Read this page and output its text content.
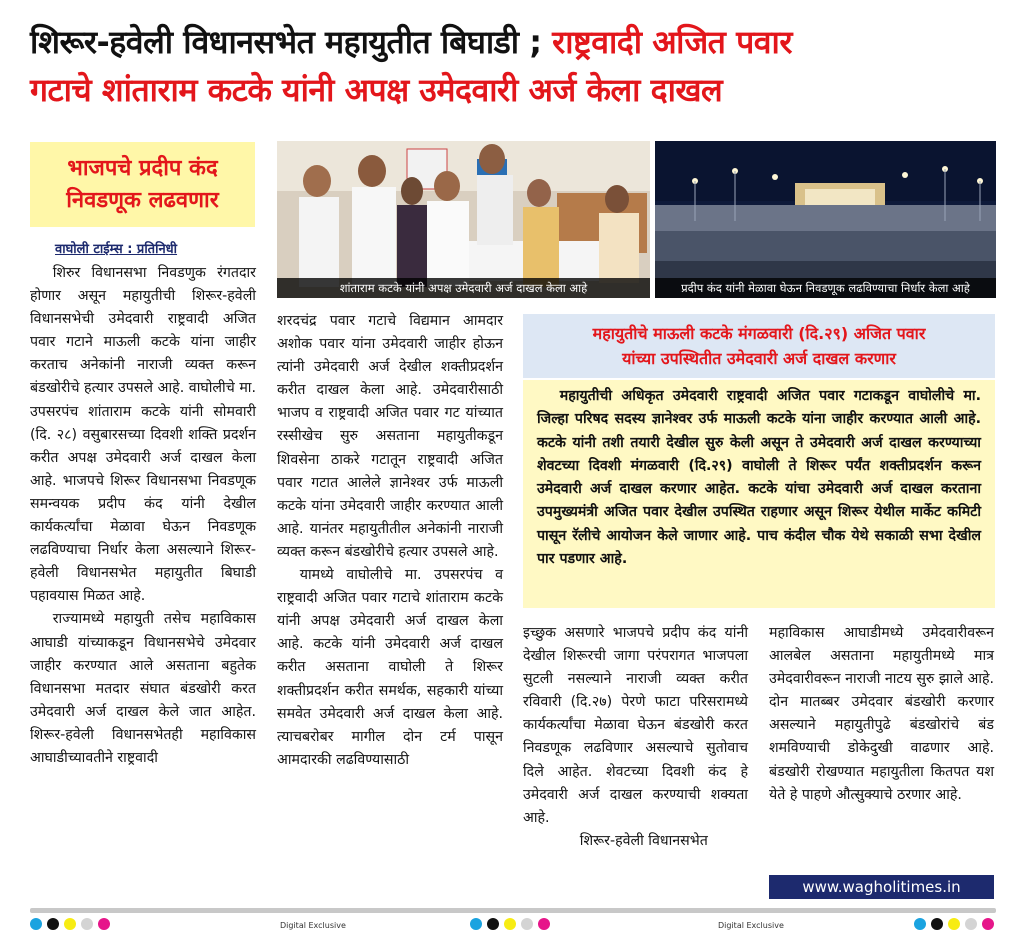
शिरूर-हवेली विधानसभेत महायुतीत बिघाडी ; राष्ट्रवादी अजित पवार
गटाचे शांताराम कटके यांनी अपक्ष उमेदवारी अर्ज केला दाखल
भाजपचे प्रदीप कंद
निवडणूक लढवणार
वाघोली टाईम्स : प्रतिनिधी

शिरुर विधानसभा निवडणुक रंगतदार होणार असून महायुतीची शिरूर-हवेली विधानसभेची उमेदवारी राष्ट्रवादी अजित पवार गटाने माऊली कटके यांना जाहीर करताच अनेकांनी नाराजी व्यक्त करून बंडखोरीचे हत्यार उपसले आहे. वाघोलीचे मा. उपसरपंच शांताराम कटके यांनी सोमवारी (दि. २८) वसुबारसच्या दिवशी शक्ति प्रदर्शन करीत अपक्ष उमेदवारी अर्ज दाखल केला आहे. भाजपचे शिरूर विधानसभा निवडणूक समन्वयक प्रदीप कंद यांनी देखील कार्यकर्त्यांचा मेळावा घेऊन निवडणूक लढविण्याचा निर्धार केला असल्याने शिरूर-हवेली विधानसभेत महायुतीत बिघाडी पहावयास मिळत आहे.

राज्यामध्ये महायुती तसेच महाविकास आघाडी यांच्याकडून विधानसभेचे उमेदवार जाहीर करण्यात आले असताना बहुतेक विधानसभा मतदार संघात बंडखोरी करत उमेदवारी अर्ज दाखल केले जात आहेत. शिरूर-हवेली विधानसभेतही महाविकास आघाडीच्यावतीने राष्ट्रवादी

शांताराम कटके यांनी अपक्ष उमेदवारी अर्ज दाखल केला आहे	प्रदीप कंद यांनी मेळावा घेऊन निवडणूक लढविण्याचा निर्धार केला आहे

शरदचंद्र पवार गटाचे विद्यमान आमदार अशोक पवार यांना उमेदवारी जाहीर होऊन त्यांनी उमेदवारी अर्ज देखील शक्तीप्रदर्शन करीत दाखल केला आहे. उमेदवारीसाठी भाजप व राष्ट्रवादी अजित पवार गट यांच्यात रस्सीखेच सुरु असताना महायुतीकडून शिवसेना ठाकरे गटातून राष्ट्रवादी अजित पवार गटात आलेले ज्ञानेश्वर उर्फ माऊली कटके यांना उमेदवारी जाहीर करण्यात आली आहे. यानंतर महायुतीतील अनेकांनी नाराजी व्यक्त करून बंडखोरीचे हत्यार उपसले आहे.

यामध्ये वाघोलीचे मा. उपसरपंच व राष्ट्रवादी अजित पवार गटाचे शांताराम कटके यांनी अपक्ष उमेदवारी अर्ज दाखल केला आहे. कटके यांनी उमेदवारी अर्ज दाखल करीत असताना वाघोली ते शिरूर शक्तीप्रदर्शन करीत समर्थक, सहकारी यांच्या समवेत उमेदवारी अर्ज दाखल केला आहे. त्याचबरोबर मागील दोन टर्म पासून आमदारकी लढविण्यासाठी

महायुतीचे माऊली कटके मंगळवारी (दि.२९) अजित पवार
यांच्या उपस्थितीत उमेदवारी अर्ज दाखल करणार

महायुतीची अधिकृत उमेदवारी राष्ट्रवादी अजित पवार गटाकडून वाघोलीचे मा. जिल्हा परिषद सदस्य ज्ञानेश्वर उर्फ माऊली कटके यांना जाहीर करण्यात आली आहे. कटके यांनी तशी तयारी देखील सुरु केली असून ते उमेदवारी अर्ज दाखल करण्याच्या शेवटच्या दिवशी मंगळवारी (दि.२९) वाघोली ते शिरूर पर्यंत शक्तीप्रदर्शन करून उमेदवारी अर्ज दाखल करणार आहेत. कटके यांचा उमेदवारी अर्ज दाखल करताना उपमुख्यमंत्री अजित पवार देखील उपस्थित राहणार असून शिरूर येथील मार्केट कमिटी पासून रॅलीचे आयोजन केले जाणार आहे. पाच कंदील चौक येथे सकाळी सभा देखील पार पडणार आहे.

इच्छुक असणारे भाजपचे प्रदीप कंद यांनी देखील शिरूरची जागा परंपरागत भाजपला सुटली नसल्याने नाराजी व्यक्त करीत रविवारी (दि.२७) पेरणे फाटा परिसरामध्ये कार्यकर्त्यांचा मेळावा घेऊन बंडखोरी करत निवडणूक लढविणार असल्याचे सुतोवाच दिले आहेत. शेवटच्या दिवशी कंद हे उमेदवारी अर्ज दाखल करण्याची शक्यता आहे.

शिरूर-हवेली विधानसभेत

महाविकास आघाडीमध्ये उमेदवारीवरून आलबेल असताना महायुतीमध्ये मात्र उमेदवारीवरून नाराजी नाटय सुरु झाले आहे. दोन मातब्बर उमेदवार बंडखोरी करणार असल्याने महायुतीपुढे बंडखोरांचे बंड शमविण्याची डोकेदुखी वाढणार आहे. बंडखोरी रोखण्यात महायुतीला कितपत यश येते हे पाहणे औत्सुक्याचे ठरणार आहे.

www.wagholitimes.in
Digital Exclusive	Digital Exclusive
